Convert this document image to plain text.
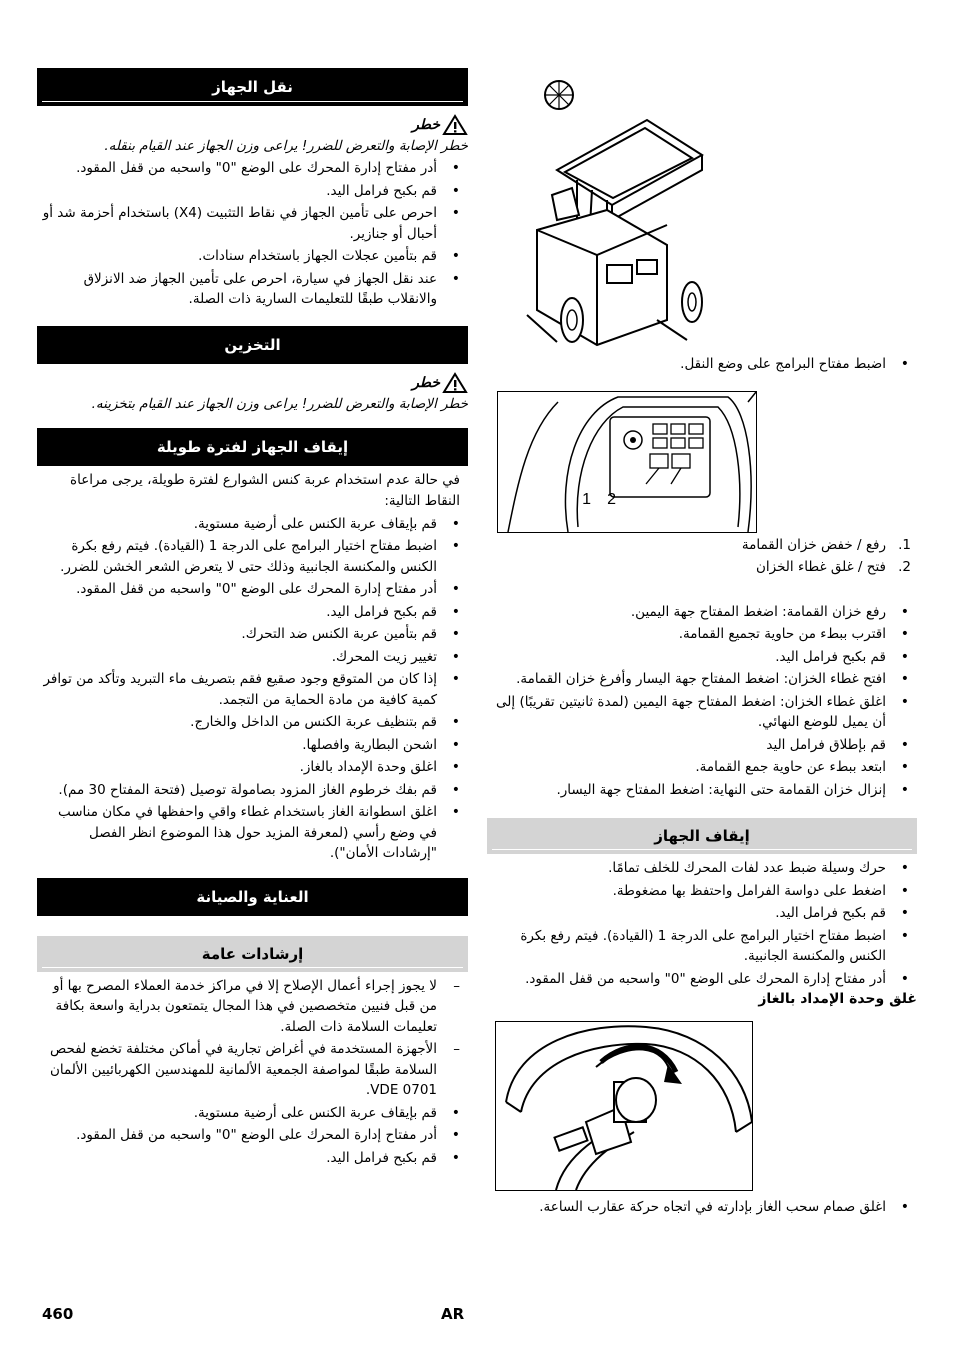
نقل الجهاز
خطر
خطر الإصابة والتعرض للضرر! يراعى وزن الجهاز عند القيام بنقله.
• أدر مفتاح إدارة المحرك على الوضع "0" واسحبه من قفل المقود.
• قم بكبح فرامل اليد.
• احرص على تأمين الجهاز في نقاط التثبيت (X4) باستخدام أحزمة شد أو أحبال أو جنازير.
• قم بتأمين عجلات الجهاز باستخدام سنادات.
• عند نقل الجهاز في سيارة، احرص على تأمين الجهاز ضد الانزلاق والانقلاب طبقًا للتعليمات السارية ذات الصلة.
التخزين
خطر
خطر الإصابة والتعرض للضرر! يراعى وزن الجهاز عند القيام بتخزينه.
إيقاف الجهاز لفترة طويلة

في حالة عدم استخدام عربة كنس الشوارع لفترة طويلة، يرجى مراعاة النقاط التالية:

• قم بإيقاف عربة الكنس على أرضية مستوية.
• اضبط مفتاح اختيار البرامج على الدرجة 1 (القيادة). فيتم رفع بكرة الكنس والمكنسة الجانبية وذلك حتى لا يتعرض الشعر الخشن للضرر.
• أدر مفتاح إدارة المحرك على الوضع "0" واسحبه من قفل المقود.
• قم بكبح فرامل اليد.
• قم بتأمين عربة الكنس ضد التحرك.
• تغيير زيت المحرك.
• إذا كان من المتوقع وجود صقيع فقم بتصريف ماء التبريد وتأكد من توافر كمية كافية من مادة الحماية من التجمد.
• قم بتنظيف عربة الكنس من الداخل والخارج.
• اشحن البطارية وافصلها.
• اغلق وحدة الإمداد بالغاز.
• قم بفك خرطوم الغاز المزود بصامولة توصيل (فتحة المفتاح 30 مم).
• اغلق اسطوانة الغاز باستخدام غطاء واقي واحفظها في مكان مناسب في وضع رأسي (لمعرفة المزيد حول هذا الموضوع انظر الفصل "إرشادات الأمان").
العناية والصيانة
إرشادات عامة
– لا يجوز إجراء أعمال الإصلاح إلا في مراكز خدمة العملاء المصرح بها أو من قبل فنيين متخصصين في هذا المجال يتمتعون بدراية واسعة بكافة تعليمات السلامة ذات الصلة.
– الأجهزة المستخدمة في أغراض تجارية في أماكن مختلفة تخضع لفحص السلامة طبقًا لمواصفة الجمعية الألمانية للمهندسين الكهربائيين الألمان VDE 0701.
• قم بإيقاف عربة الكنس على أرضية مستوية.
• أدر مفتاح إدارة المحرك على الوضع "0" واسحبه من قفل المقود.
• قم بكبح فرامل اليد.
• اضبط مفتاح البرامج على وضع النقل.
1 2
1.
رفع / خفض خزان القمامة
2.
فتح / غلق غطاء الخزان
• رفع خزان القمامة: اضغط المفتاح جهة اليمين.
• اقترب ببطء من حاوية تجميع القمامة.
• قم بكبح فرامل اليد.
• افتح غطاء الخزان: اضغط المفتاح جهة اليسار وأفرغ خزان القمامة.
• اغلق غطاء الخزان: اضغط المفتاح جهة اليمين (لمدة ثانيتين تقريبًا) إلى أن يميل للوضع النهائي.
• قم بإطلاق فرامل اليد
• ابتعد ببطء عن حاوية جمع القمامة.
• إنزال خزان القمامة حتى النهاية: اضغط المفتاح جهة اليسار.
إيقاف الجهاز
• حرك وسيلة ضبط عدد لفات المحرك للخلف تمامًا.
• اضغط على دواسة الفرامل واحتفظ بها مضغوطة.
• قم بكبح فرامل اليد.
• اضبط مفتاح اختيار البرامج على الدرجة 1 (القيادة). فيتم رفع بكرة الكنس والمكنسة الجانبية.
• أدر مفتاح إدارة المحرك على الوضع "0" واسحبه من قفل المقود.
غلق وحدة الإمداد بالغاز
• اغلق صمام سحب الغاز بإدارته في اتجاه حركة عقارب الساعة.
460	AR
